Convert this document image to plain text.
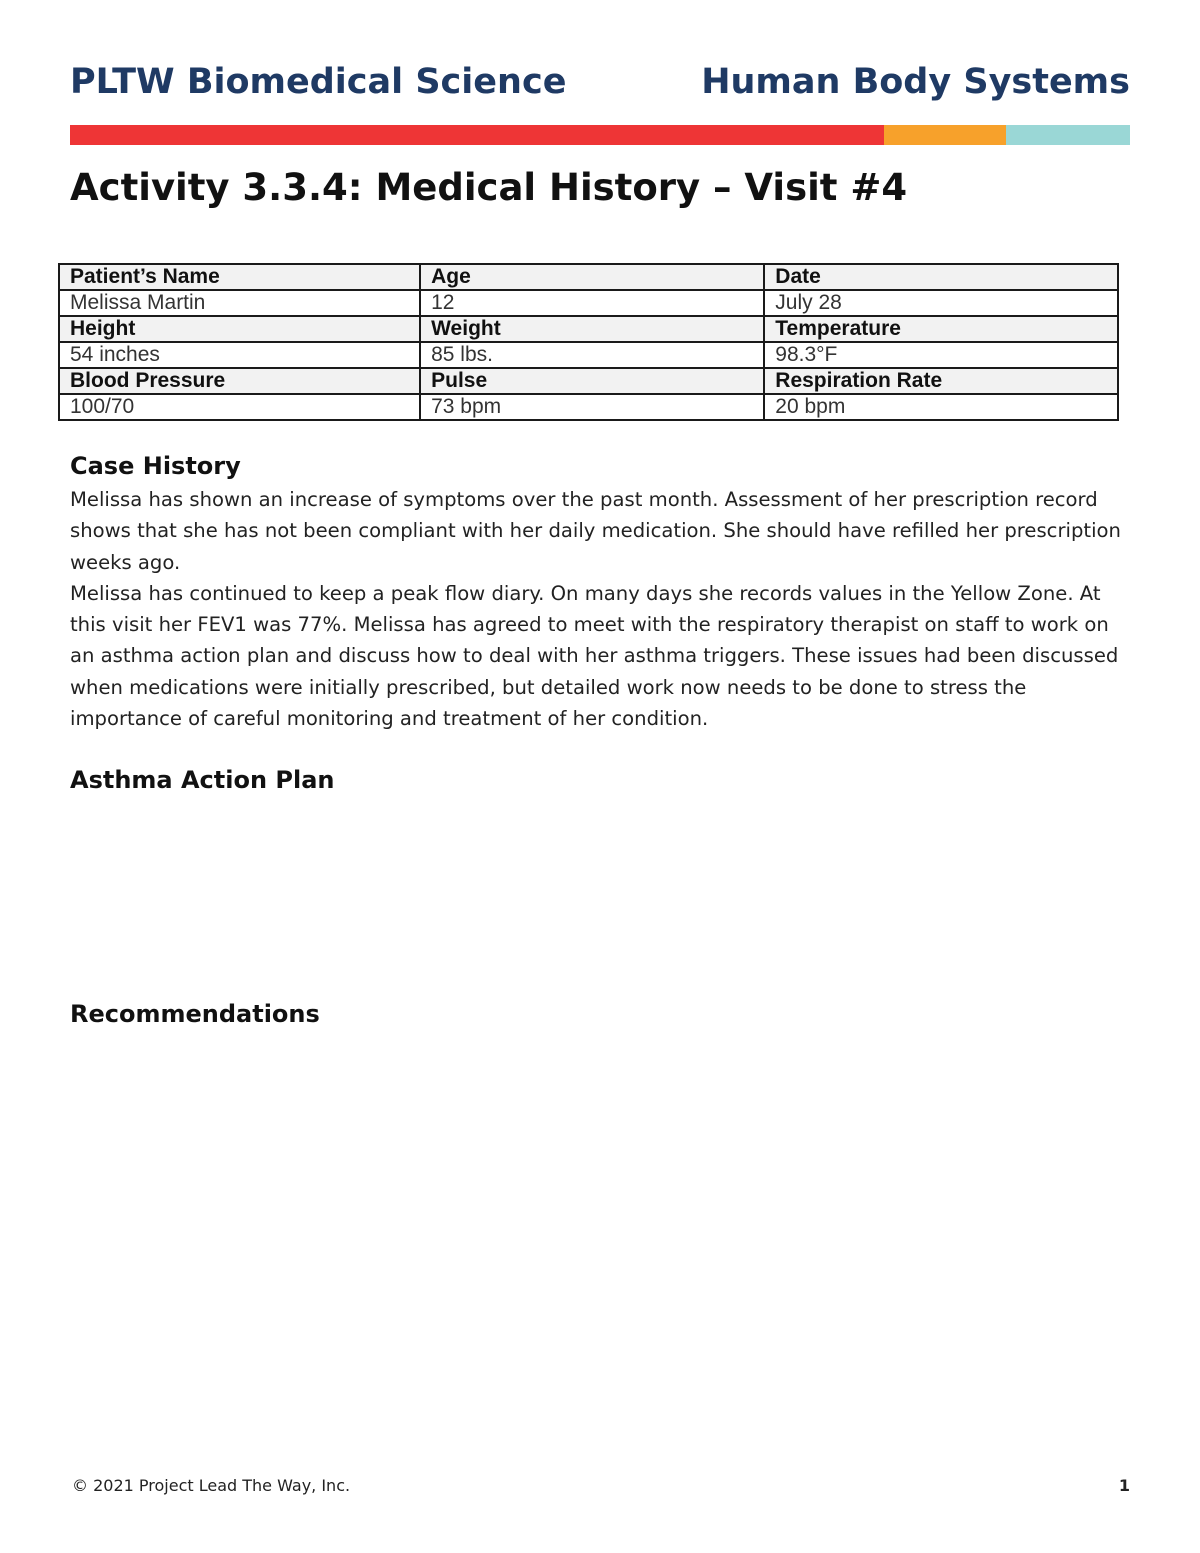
PLTW Biomedical Science	Human Body Systems
Activity 3.3.4: Medical History – Visit #4
Patient’s Name	Age	Date
Melissa Martin	12	July 28
Height	Weight	Temperature
54 inches	85 lbs.	98.3°F
Blood Pressure	Pulse	Respiration Rate
100/70	73 bpm	20 bpm
Case History

Melissa has shown an increase of symptoms over the past month. Assessment of her prescription record shows that she has not been compliant with her daily medication. She should have refilled her prescription weeks ago.

Melissa has continued to keep a peak flow diary. On many days she records values in the Yellow Zone. At this visit her FEV1 was 77%. Melissa has agreed to meet with the respiratory therapist on staff to work on an asthma action plan and discuss how to deal with her asthma triggers. These issues had been discussed when medications were initially prescribed, but detailed work now needs to be done to stress the importance of careful monitoring and treatment of her condition.

Asthma Action Plan
Recommendations
© 2021 Project Lead The Way, Inc.	1
